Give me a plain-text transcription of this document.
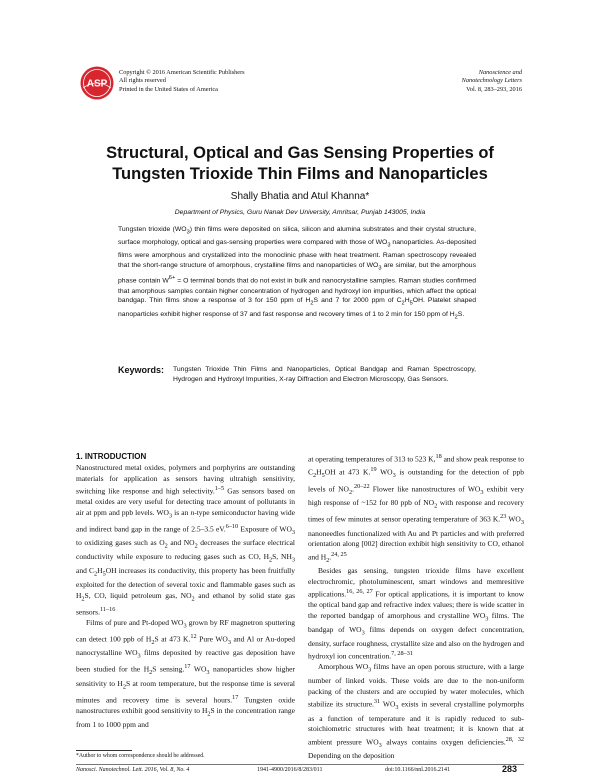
ASP
Copyright © 2016 American Scientific Publishers
All rights reserved
Printed in the United States of America
Nanoscience and
Nanotechnology Letters
Vol. 8, 283–293, 2016
Structural, Optical and Gas Sensing Properties of
Tungsten Trioxide Thin Films and Nanoparticles
Shally Bhatia and Atul Khanna*
Department of Physics, Guru Nanak Dev University, Amritsar, Punjab 143005, India
Tungsten trioxide $(WO_3)$ thin films were deposited on silica, silicon and alumina substrates and their crystal structure, surface morphology, optical and gas-sensing properties were compared with those of $WO_3$ nanoparticles. As-deposited films were amorphous and crystallized into the monoclinic phase with heat treatment. Raman spectroscopy revealed that the short-range structure of amorphous, crystalline films and nanoparticles of $WO_3$ are similar, but the amorphous phase contain $W^{6+} = O$ terminal bonds that do not exist in bulk and nanocrystalline samples. Raman studies confirmed that amorphous samples contain higher concentration of hydrogen and hydroxyl ion impurities, which affect the optical bandgap. Thin films show a response of 3 for 150 ppm of $H_2S$ and 7 for 2000 ppm of $C_2H_5OH$. Platelet shaped nanoparticles exhibit higher response of 37 and fast response and recovery times of 1 to 2 min for 150 ppm of $H_2S$.
Keywords: Tungsten Trioxide Thin Films and Nanoparticles, Optical Bandgap and Raman Spectroscopy, Hydrogen and Hydroxyl Impurities, X-ray Diffraction and Electron Microscopy, Gas Sensors.
1. INTRODUCTION

Nanostructured metal oxides, polymers and porphyrins are outstanding materials for application as sensors having ultrahigh sensitivity, switching like response and high selectivity.$^{1-5}$ Gas sensors based on metal oxides are very useful for detecting trace amount of pollutants in air at ppm and ppb levels. $WO_3$ is an n-type semiconductor having wide and indirect band gap in the range of 2.5–3.5 eV.$^{6-10}$ Exposure of $WO_3$ to oxidizing gases such as $O_2$ and $NO_2$ decreases the surface electrical conductivity while exposure to reducing gases such as CO, $H_2S$, $NH_3$ and $C_2H_5OH$ increases its conductivity, this property has been fruitfully exploited for the detection of several toxic and flammable gases such as $H_2S$, CO, liquid petroleum gas, $NO_2$ and ethanol by solid state gas sensors.$^{11-16}$

Films of pure and Pt-doped $WO_3$ grown by RF magnetron sputtering can detect 100 ppb of $H_2S$ at 473 K.$^{12}$ Pure $WO_3$ and Al or Au-doped nanocrystalline $WO_3$ films deposited by reactive gas deposition have been studied for the $H_2S$ sensing.$^{17}$ $WO_3$ nanoparticles show higher sensitivity to $H_2S$ at room temperature, but the response time is several minutes and recovery time is several hours.$^{17}$ Tungsten oxide nanostructures exhibit good sensitivity to $H_2S$ in the concentration range from 1 to 1000 ppm and

at operating temperatures of 313 to 523 K,$^{18}$ and show peak response to $C_2H_5OH$ at 473 K.$^{19}$ $WO_3$ is outstanding for the detection of ppb levels of $NO_2.^{20-22}$ Flower like nanostructures of $WO_3$ exhibit very high response of ~152 for 80 ppb of $NO_2$ with response and recovery times of few minutes at sensor operating temperature of 363 K.$^{23}$ $WO_3$ nanoneedles functionalized with Au and Pt particles and with preferred orientation along [002] direction exhibit high sensitivity to CO, ethanol and $H_2.^{24, 25}$

Besides gas sensing, tungsten trioxide films have excellent electrochromic, photoluminescent, smart windows and memresitive applications.$^{16, 26, 27}$ For optical applications, it is important to know the optical band gap and refractive index values; there is wide scatter in the reported bandgap of amorphous and crystalline $WO_3$ films. The bandgap of $WO_3$ films depends on oxygen defect concentration, density, surface roughness, crystallite size and also on the hydrogen and hydroxyl ion concentration.$^{7, 28-31}$

Amorphous $WO_3$ films have an open porous structure, with a large number of linked voids. These voids are due to the non-uniform packing of the clusters and are occupied by water molecules, which stabilize its structure.$^{31}$ $WO_3$ exists in several crystalline polymorphs as a function of temperature and it is rapidly reduced to sub-stoichiometric structures with heat treatment; it is known that at ambient pressure $WO_3$ always contains oxygen deficiencies.$^{28, 32}$ Depending on the deposition

*Author to whom correspondence should be addressed.
Nanosci. Nanotechnol. Lett. 2016, Vol. 8, No. 4	1941-4900/2016/8/283/011	doi:10.1166/nnl.2016.2141	283
